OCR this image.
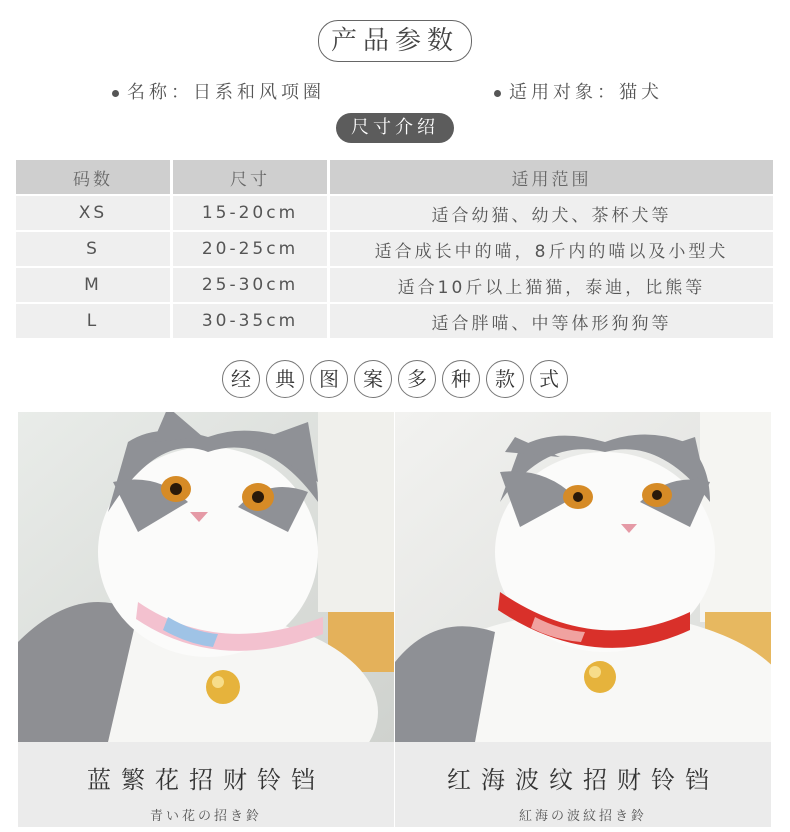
产品参数
名称：日系和风项圈	适用对象：猫犬
尺寸介绍
码数	尺寸	适用范围
XS	15-20cm	适合幼猫、幼犬、茶杯犬等
S	20-25cm	适合成长中的喵，8斤内的喵以及小型犬
M	25-30cm	适合10斤以上猫猫，泰迪，比熊等
L	30-35cm	适合胖喵、中等体形狗狗等
经 典 图 案 多 种 款 式
蓝繁花招财铃铛
青い花の招き鈴
红海波纹招财铃铛
紅海の波紋招き鈴
